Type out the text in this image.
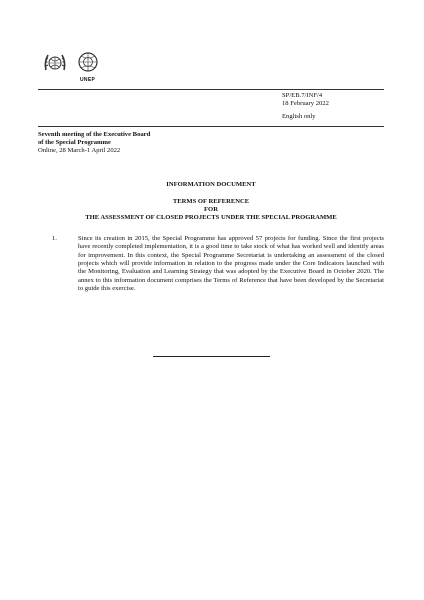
UNEP
SP/EB.7/INF/4
18 February 2022
English only
Seventh meeting of the Executive Board
of the Special Programme
Online, 28 March-1 April 2022
INFORMATION DOCUMENT
TERMS OF REFERENCE
FOR
THE ASSESSMENT OF CLOSED PROJECTS UNDER THE SPECIAL PROGRAMME
1.	Since its creation in 2015, the Special Programme has approved 57 projects for funding. Since the first projects have recently completed implementation, it is a good time to take stock of what has worked well and identify areas for improvement. In this context, the Special Programme Secretariat is undertaking an assessment of the closed projects which will provide information in relation to the progress made under the Core Indicators launched with the Monitoring, Evaluation and Learning Strategy that was adopted by the Executive Board in October 2020. The annex to this information document comprises the Terms of Reference that have been developed by the Secretariat to guide this exercise.
